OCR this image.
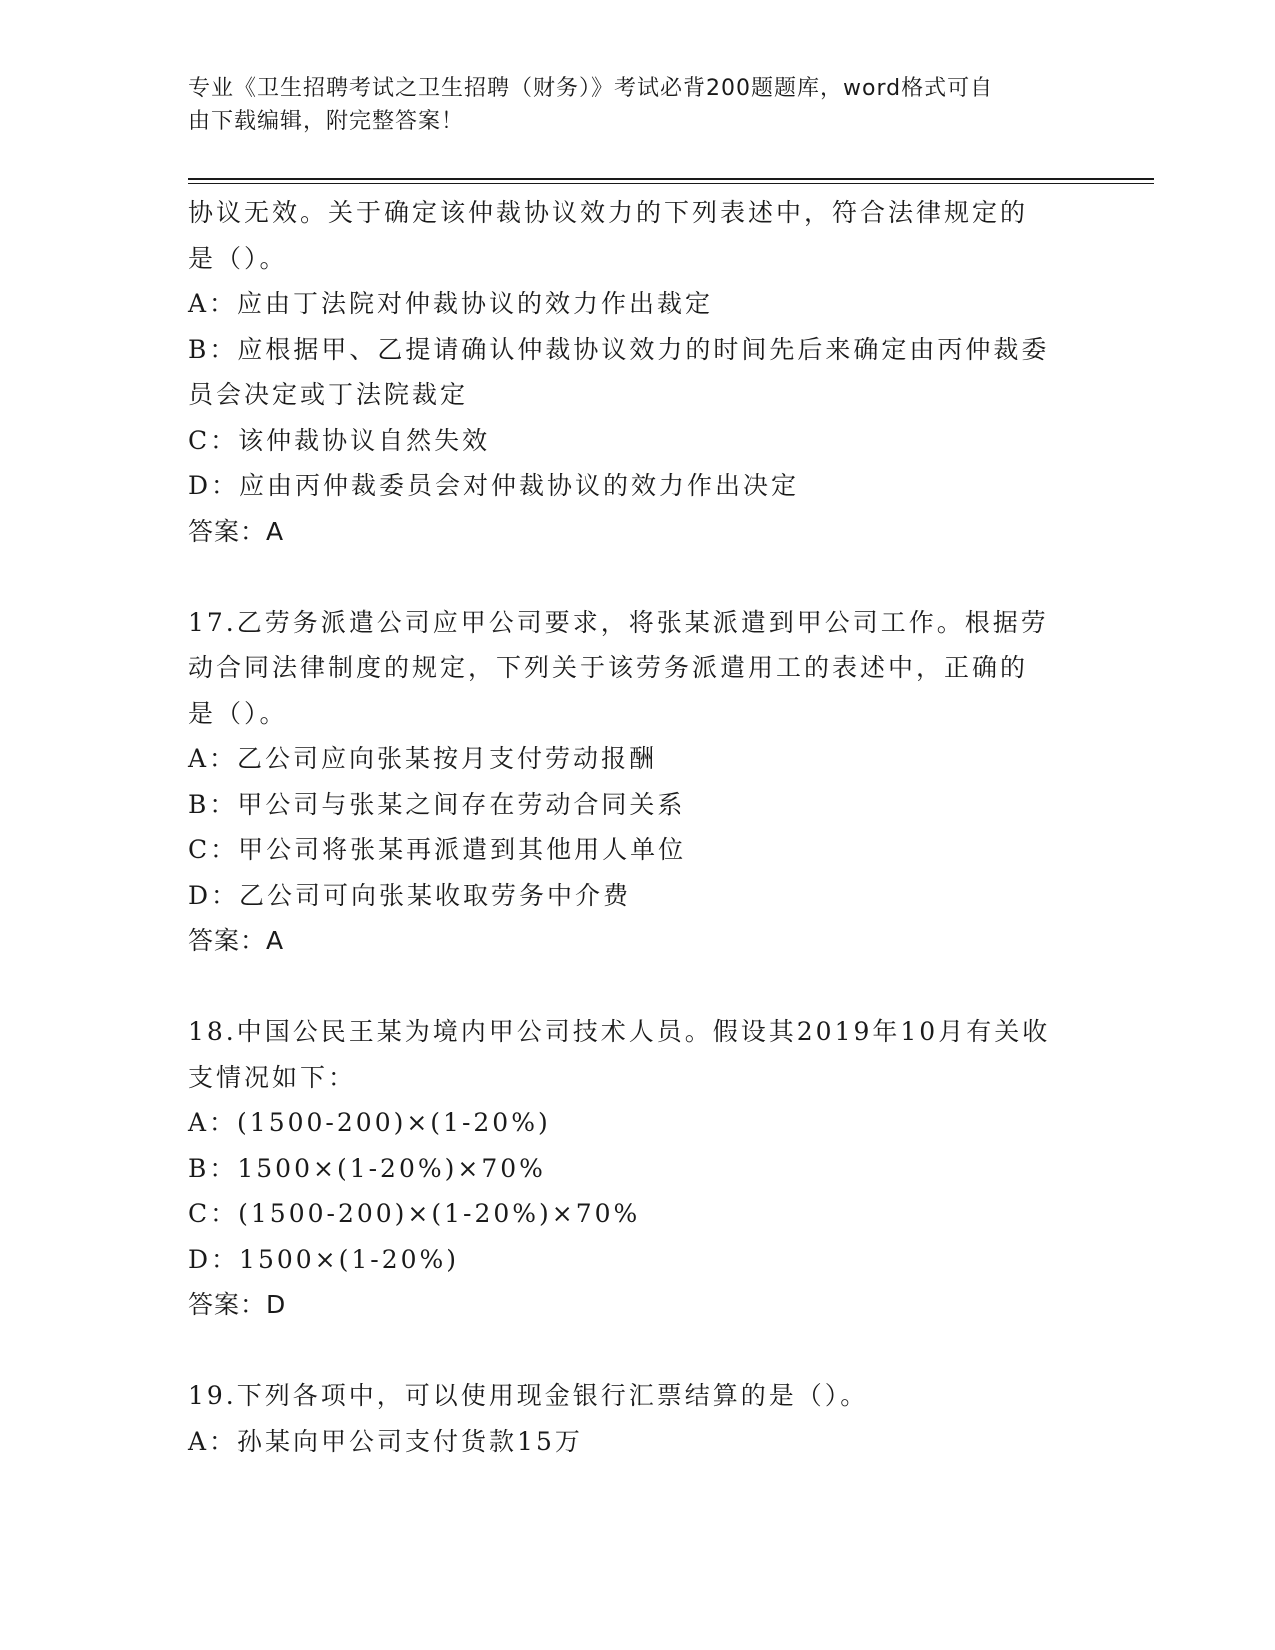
专业《卫生招聘考试之卫生招聘（财务）》考试必背200题题库，word格式可自
由下载编辑，附完整答案！
协议无效。关于确定该仲裁协议效力的下列表述中，符合法律规定的
是（）。
A：应由丁法院对仲裁协议的效力作出裁定
B：应根据甲、乙提请确认仲裁协议效力的时间先后来确定由丙仲裁委
员会决定或丁法院裁定
C：该仲裁协议自然失效
D：应由丙仲裁委员会对仲裁协议的效力作出决定
答案：A
17.乙劳务派遣公司应甲公司要求，将张某派遣到甲公司工作。根据劳
动合同法律制度的规定，下列关于该劳务派遣用工的表述中，正确的
是（）。
A：乙公司应向张某按月支付劳动报酬
B：甲公司与张某之间存在劳动合同关系
C：甲公司将张某再派遣到其他用人单位
D：乙公司可向张某收取劳务中介费
答案：A
18.中国公民王某为境内甲公司技术人员。假设其2019年10月有关收
支情况如下：
A：(1500-200)×(1-20%)
B：1500×(1-20%)×70%
C：(1500-200)×(1-20%)×70%
D：1500×(1-20%)
答案：D
19.下列各项中，可以使用现金银行汇票结算的是（）。
A：孙某向甲公司支付货款15万
